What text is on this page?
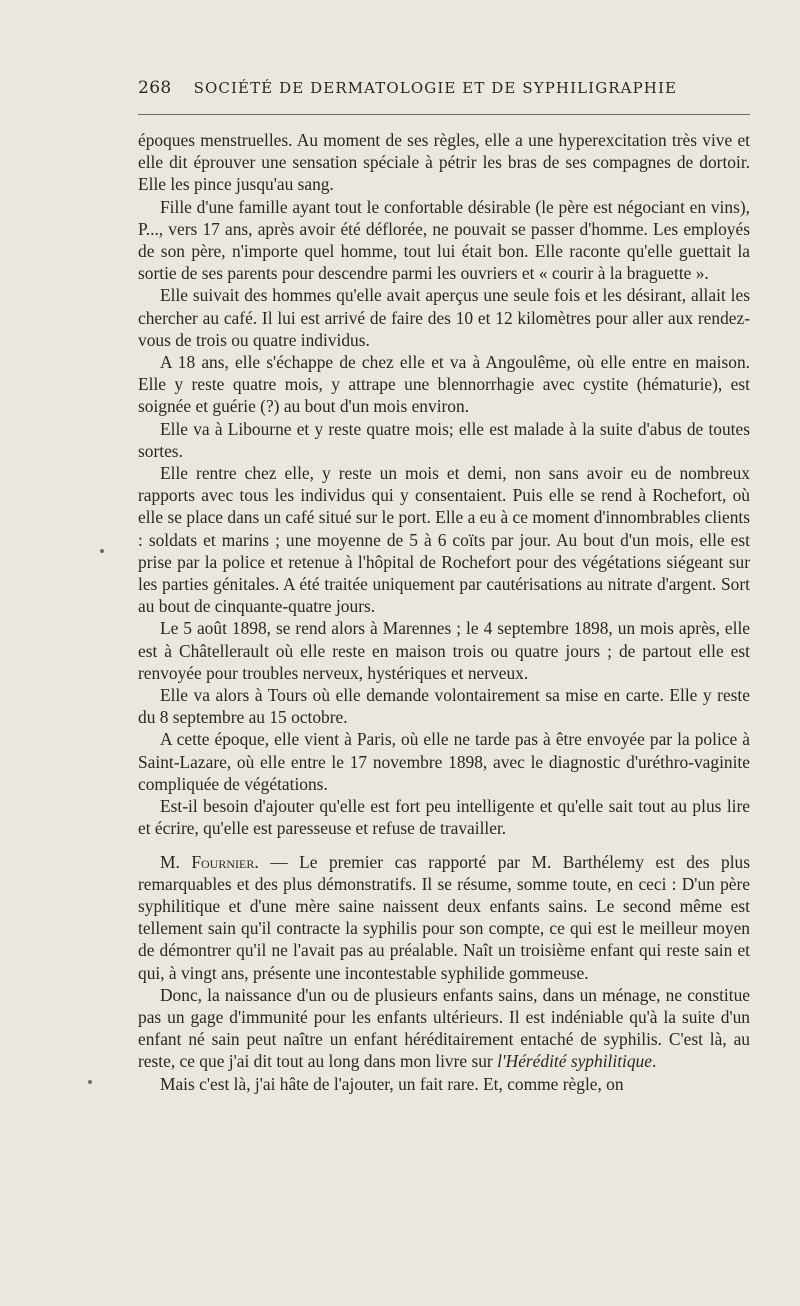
268 SOCIÉTÉ DE DERMATOLOGIE ET DE SYPHILIGRAPHIE

époques menstruelles. Au moment de ses règles, elle a une hyperexcitation très vive et elle dit éprouver une sensation spéciale à pétrir les bras de ses compagnes de dortoir. Elle les pince jusqu'au sang.

Fille d'une famille ayant tout le confortable désirable (le père est négociant en vins), P..., vers 17 ans, après avoir été déflorée, ne pouvait se passer d'homme. Les employés de son père, n'importe quel homme, tout lui était bon. Elle raconte qu'elle guettait la sortie de ses parents pour descendre parmi les ouvriers et « courir à la braguette ».

Elle suivait des hommes qu'elle avait aperçus une seule fois et les désirant, allait les chercher au café. Il lui est arrivé de faire des 10 et 12 kilomètres pour aller aux rendez-vous de trois ou quatre individus.

A 18 ans, elle s'échappe de chez elle et va à Angoulême, où elle entre en maison. Elle y reste quatre mois, y attrape une blennorrhagie avec cystite (hématurie), est soignée et guérie (?) au bout d'un mois environ.

Elle va à Libourne et y reste quatre mois; elle est malade à la suite d'abus de toutes sortes.

Elle rentre chez elle, y reste un mois et demi, non sans avoir eu de nombreux rapports avec tous les individus qui y consentaient. Puis elle se rend à Rochefort, où elle se place dans un café situé sur le port. Elle a eu à ce moment d'innombrables clients : soldats et marins ; une moyenne de 5 à 6 coïts par jour. Au bout d'un mois, elle est prise par la police et retenue à l'hôpital de Rochefort pour des végétations siégeant sur les parties génitales. A été traitée uniquement par cautérisations au nitrate d'argent. Sort au bout de cinquante-quatre jours.

Le 5 août 1898, se rend alors à Marennes ; le 4 septembre 1898, un mois après, elle est à Châtellerault où elle reste en maison trois ou quatre jours ; de partout elle est renvoyée pour troubles nerveux, hystériques et nerveux.

Elle va alors à Tours où elle demande volontairement sa mise en carte. Elle y reste du 8 septembre au 15 octobre.

A cette époque, elle vient à Paris, où elle ne tarde pas à être envoyée par la police à Saint-Lazare, où elle entre le 17 novembre 1898, avec le diagnostic d'uréthro-vaginite compliquée de végétations.

Est-il besoin d'ajouter qu'elle est fort peu intelligente et qu'elle sait tout au plus lire et écrire, qu'elle est paresseuse et refuse de travailler.

M. Fournier. — Le premier cas rapporté par M. Barthélemy est des plus remarquables et des plus démonstratifs. Il se résume, somme toute, en ceci : D'un père syphilitique et d'une mère saine naissent deux enfants sains. Le second même est tellement sain qu'il contracte la syphilis pour son compte, ce qui est le meilleur moyen de démontrer qu'il ne l'avait pas au préalable. Naît un troisième enfant qui reste sain et qui, à vingt ans, présente une incontestable syphilide gommeuse.

Donc, la naissance d'un ou de plusieurs enfants sains, dans un ménage, ne constitue pas un gage d'immunité pour les enfants ultérieurs. Il est indéniable qu'à la suite d'un enfant né sain peut naître un enfant héréditairement entaché de syphilis. C'est là, au reste, ce que j'ai dit tout au long dans mon livre sur l'Hérédité syphilitique.

Mais c'est là, j'ai hâte de l'ajouter, un fait rare. Et, comme règle, on
